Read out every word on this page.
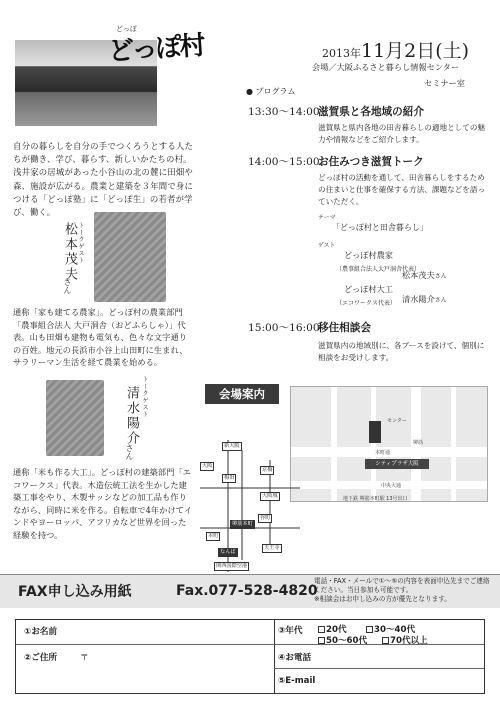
どっぽ
どっぽ村
自分の暮らしを自分の手でつくろうとする人たちが働き、学び、暮らす、新しいかたちの村。浅井家の居城があった小谷山の北の麓に田畑や森、施設が広がる。農業と建築を３年間で身につける「どっぽ塾」に「どっぽ生」の若者が学び、働く。
トークゲスト
松本茂夫
さん
通称「家も建てる農家」。どっぽ村の農業部門「農事組合法人 大戸洞舎（おどふらしゃ）」代表。山も田畑も建物も電気も、色々な文字通りの百姓。地元の長浜市小谷上山田町に生まれ、サラリーマン生活を経て農業を始める。
トークゲスト
清水陽介
さん
通称「米も作る大工」。どっぽ村の建築部門「エコワークス」代表。木造伝統工法を生かした建築工事をやり、木製サッシなどの加工品も作りながら、同時に米を作る。自転車で4年かけてインドやヨーロッパ、アフリカなど世界を回った経験を持つ。
2013年11月2日(土)
会場／大阪ふるさと暮らし情報センター
セミナー室
● プログラム
13:30～14:00
滋賀県と各地域の紹介
滋賀県と県内各地の田舎暮らしの適地としての魅力や情報などをご紹介します。
14:00～15:00
お住みつき滋賀トーク
どっぽ村の活動を通して、田舎暮らしをするための住まいと仕事を確保する方法、課題などを語っていただく。
テーマ
「どっぽ村と田舎暮らし」
ゲスト
どっぽ村農家
（農事組合法人大戸洞舎代表）
松本茂夫さん
どっぽ村大工
（エコワークス代表） 清水陽介さん
15:00～16:00
移住相談会
滋賀県内の地域別に、各ブースを設けて、個別に相談をお受けします。
会場案内
本町通
中央大通
堺筋
センター
シティプラザ大阪
地下鉄 堺筋本町駅 13号出口
新大阪
大阪
梅田
京橋
大阪城
谷町
堺筋本町
本町
なんば
天王寺
関西国際空港
FAX申し込み用紙	Fax.077-528-4820
電話・FAX・メールで①～⑤の内容を表面申込先までご連絡ください。当日参加も可能です。
※相談会はお申し込みの方が優先となります。
①お名前
②ご住所	〒
③年代	20代	30～40代
50～60代	70代以上
④お電話
⑤E-mail
